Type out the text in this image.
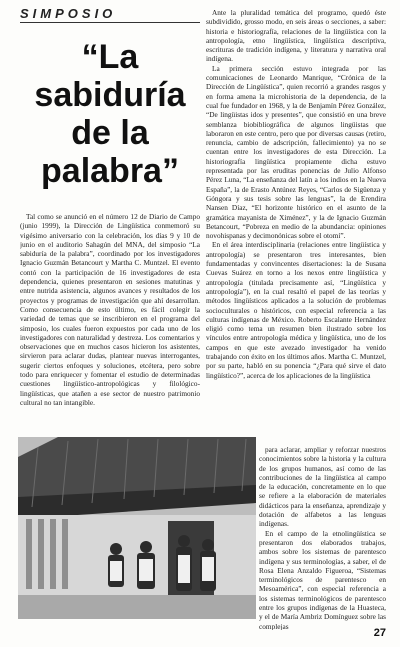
SIMPOSIO
“La
sabiduría
de la
palabra”

Tal como se anunció en el número 12 de Diario de Campo (junio 1999), la Dirección de Lingüística conmemoró su vigésimo aniversario con la celebración, los días 9 y 10 de junio en el auditorio Sahagún del MNA, del simposio “La sabiduría de la palabra”, coordinado por los investigadores Ignacio Guzmán Betancourt y Martha C. Muntzel. El evento contó con la participación de 16 investigadores de esta dependencia, quienes presentaron en sesiones matutinas y entre nutrida asistencia, algunos avances y resultados de los proyectos y programas de investigación que ahí desarrollan. Como consecuencia de esto último, es fácil colegir la variedad de temas que se inscribieron en el programa del simposio, los cuales fueron expuestos por cada uno de los investigadores con naturalidad y destreza. Los comentarios y observaciones que en muchos casos hicieron los asistentes, sirvieron para aclarar dudas, plantear nuevas interrogantes, sugerir ciertos enfoques y soluciones, etcétera, pero sobre todo para enriquecer y fomentar el estudio de determinadas cuestiones lingüístico-antropológicas y filológico-lingüísticas, que atañen a ese sector de nuestro patrimonio cultural no tan intangible.

Ante la pluralidad temática del programo, quedó éste subdividido, grosso modo, en seis áreas o secciones, a saber: historia e historiografía, relaciones de la lingüística con la antropología, etno lingüística, lingüística descriptiva, escrituras de tradición indígena, y literatura y narrativa oral indígena.

La primera sección estuvo integrada por las comunicaciones de Leonardo Manrique, “Crónica de la Dirección de Lingüística”, quien recorrió a grandes rasgos y en forma amena la microhistoria de la dependencia, de la cual fue fundador en 1968, y la de Benjamín Pérez González, “De lingüistas idos y presentes”, que consistió en una breve semblanza biobibliográfica de algunos lingüistas que laboraron en este centro, pero que por diversas causas (retiro, renuncia, cambio de adscripción, fallecimiento) ya no se cuentan entre los investigadores de esta Dirección. La historiografía lingüística propiamente dicha estuvo representada por las eruditas ponencias de Julio Alfonso Pérez Luna, “La enseñanza del latín a los indios en la Nueva España”, la de Erasto Antúnez Reyes, “Carlos de Sigüenza y Góngora y sus tesis sobre las lenguas”, la de Erendira Nansen Díaz, “El horizonte histórico en el asunto de la gramática mayanista de Ximénez”, y la de Ignacio Guzmán Betancourt, “Pobreza en medio de la abundancia: opiniones novohispanas y decimonónicas sobre el otomí”.

En el área interdisciplinaria (relaciones entre lingüística y antropología) se presentaron tres interesantes, bien fundamentadas y convincentes disertaciones: la de Susana Cuevas Suárez en torno a los nexos entre lingüística y antropología (titulada precisamente así, “Lingüística y antropología”), en la cual resaltó el papel de las teorías y métodos lingüísticos aplicados a la solución de problemas socioculturales o históricos, con especial referencia a las culturas indígenas de México. Roberto Escalante Hernández eligió como tema un resumen bien ilustrado sobre los vínculos entre antropología médica y lingüística, uno de los campos en que este avezado investigador ha venido trabajando con éxito en los últimos años. Martha C. Muntzel, por su parte, habló en su ponencia “¿Para qué sirve el dato lingüístico?”, acerca de los aplicaciones de la lingüística

para aclarar, ampliar y reforzar nuestros conocimientos sobre la historia y la cultura de los grupos humanos, así como de las contribuciones de la lingüística al campo de la educación, concretamente en lo que se refiere a la elaboración de materiales didácticos para la enseñanza, aprendizaje y dotación de alfabetos a las lenguas indígenas.

En el campo de la etnolingüística se presentaron dos elaborados trabajos, ambos sobre los sistemas de parentesco indígena y sus terminologías, a saber, el de Rosa Elena Anzaldo Figueroa, “Sistemas terminológicos de parentesco en Mesoamérica”, con especial referencia a los sistemas terminológicos de parentesco entre los grupos indígenas de la Huasteca, y el de María Ambriz Domínguez sobre las complejas

27
